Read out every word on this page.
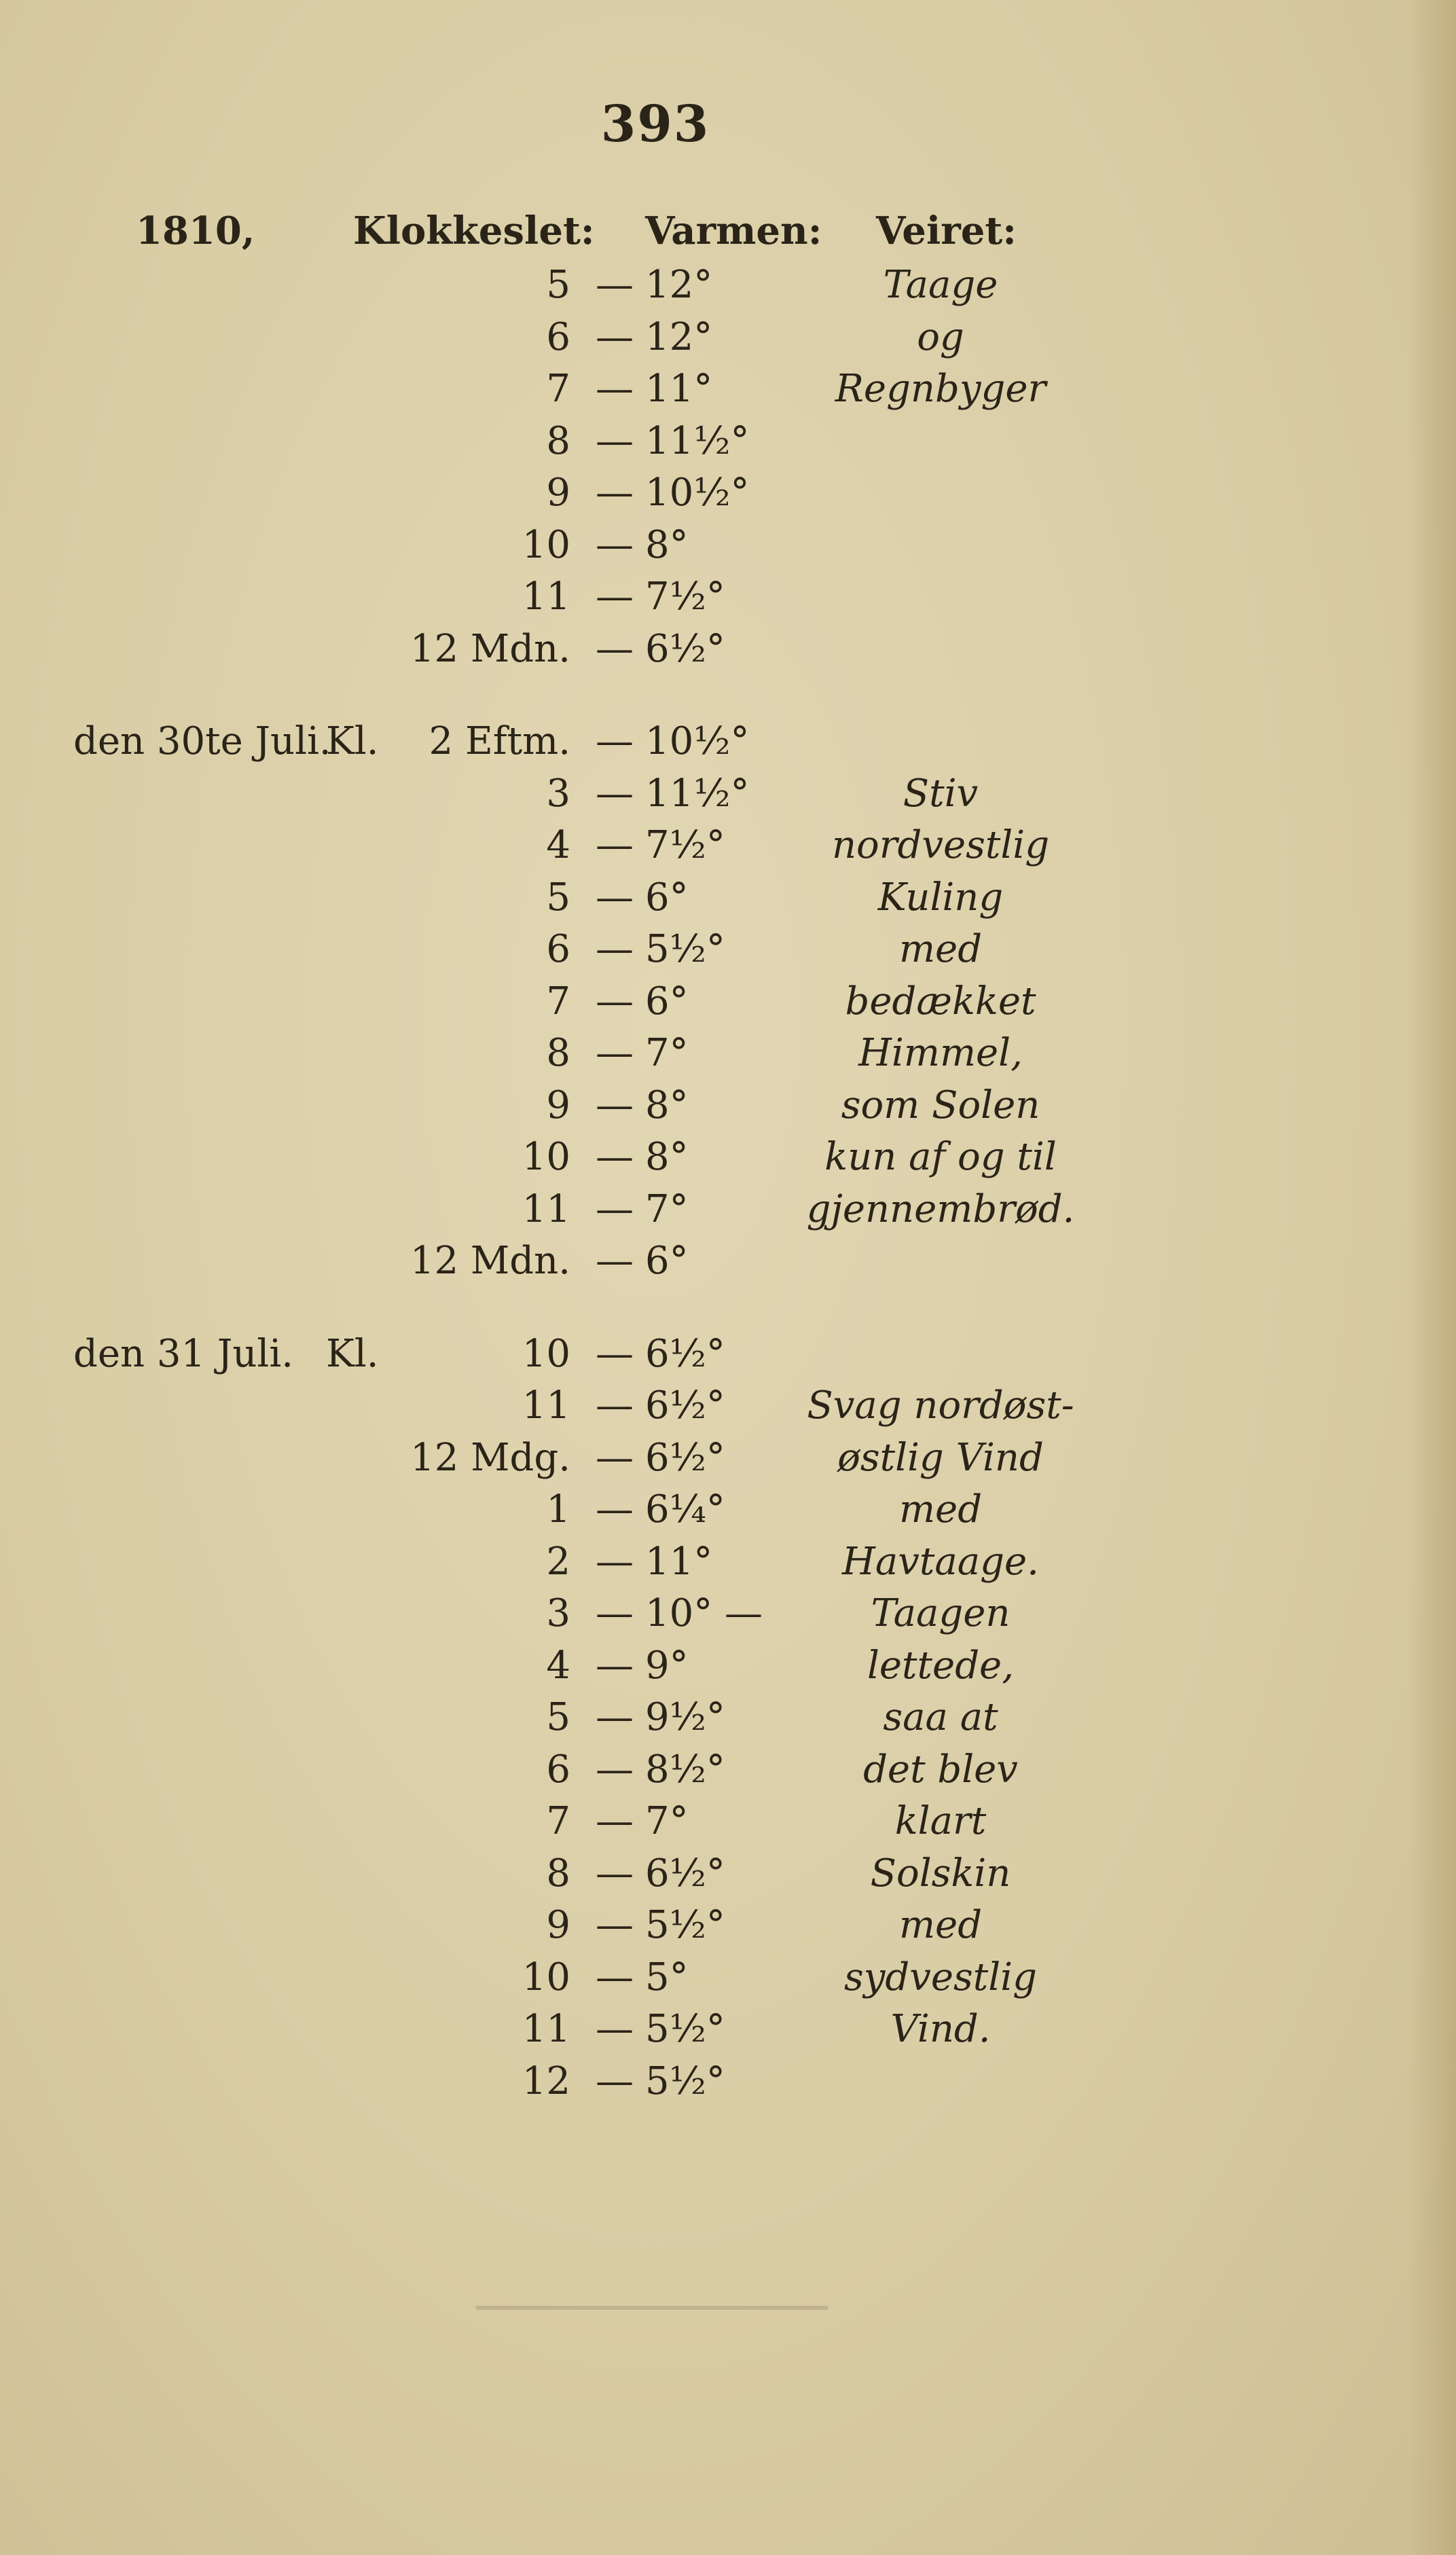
393
1810,	Klokkeslet: Varmen: Veiret:
5 — 12°	Taage
6 — 12°	og
7 — 11°	Regnbyger
8 — 11½°
9 — 10½°
10 — 8°
11 — 7½°
12 Mdn. — 6½°
den 30te Juli.
Kl.	2 Eftm. — 10½°
3 — 11½°	Stiv
4 — 7½°	nordvestlig
5 — 6°	Kuling
6 — 5½°	med
7 — 6°	bedækket
8 — 7°	Himmel,
9 — 8°	som Solen
10 — 8°	kun af og til
11 — 7°	gjennembrød.
12 Mdn. — 6°
den 31 Juli. Kl.	10 — 6½°
11 — 6½°	Svag nordøst-
12 Mdg. — 6½°	østlig Vind
1 — 6¼°	med
2 — 11°	Havtaage.
3 — 10° —	Taagen
4 — 9°	lettede,
5 — 9½°	saa at
6 — 8½°	det blev
7 — 7°	klart
8 — 6½°	Solskin
9 — 5½°	med
10 — 5°	sydvestlig
11 — 5½°	Vind.
12 — 5½°
